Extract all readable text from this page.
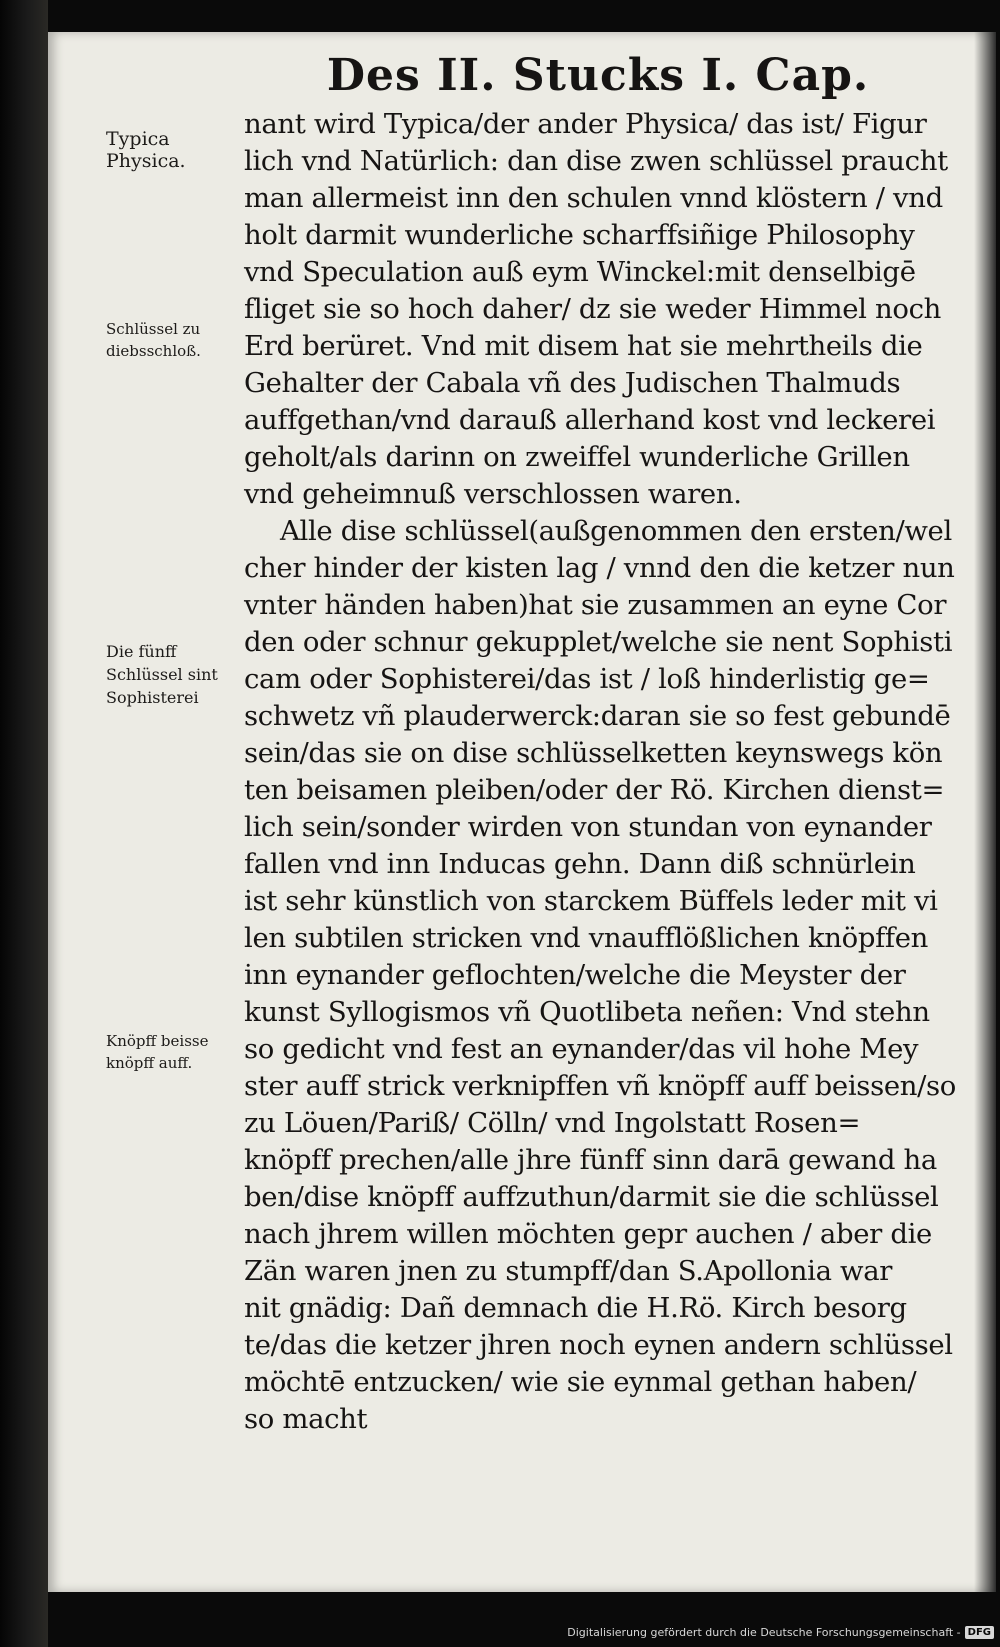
Des II. Stucks I. Cap.
Typica
Physica.
Schlüssel zu
diebsschloß.
Die fünff
Schlüssel sint
Sophisterei
Knöpff beisse
knöpff auff.
nant wird Typica/der ander Physica/ das ist/ Figur
lich vnd Natürlich: dan dise zwen schlüssel praucht
man allermeist inn den schulen vnnd klöstern / vnd
holt darmit wunderliche scharffsiñige Philosophy
vnd Speculation auß eym Winckel:mit denselbigē
fliget sie so hoch daher/ dz sie weder Himmel noch
Erd berüret. Vnd mit disem hat sie mehrtheils die
Gehalter der Cabala vñ des Judischen Thalmuds
auffgethan/vnd darauß allerhand kost vnd leckerei
geholt/als darinn on zweiffel wunderliche Grillen
vnd geheimnuß verschlossen waren.
Alle dise schlüssel(außgenommen den ersten/wel
cher hinder der kisten lag / vnnd den die ketzer nun
vnter händen haben)hat sie zusammen an eyne Cor
den oder schnur gekupplet/welche sie nent Sophisti
cam oder Sophisterei/das ist / loß hinderlistig ge=
schwetz vñ plauderwerck:daran sie so fest gebundē
sein/das sie on dise schlüsselketten keynswegs kön
ten beisamen pleiben/oder der Rö. Kirchen dienst=
lich sein/sonder wirden von stundan von eynander
fallen vnd inn Inducas gehn. Dann diß schnürlein
ist sehr künstlich von starckem Büffels leder mit vi
len subtilen stricken vnd vnaufflößlichen knöpffen
inn eynander geflochten/welche die Meyster der
kunst Syllogismos vñ Quotlibeta neñen: Vnd stehn
so gedicht vnd fest an eynander/das vil hohe Mey
ster auff strick verknipffen vñ knöpff auff beissen/so
zu Löuen/Pariß/ Cölln/ vnd Ingolstatt Rosen=
knöpff prechen/alle jhre fünff sinn darā gewand ha
ben/dise knöpff auffzuthun/darmit sie die schlüssel
nach jhrem willen möchten gepr auchen / aber die
Zän waren jnen zu stumpff/dan S.Apollonia war
nit gnädig: Dañ demnach die H.Rö. Kirch besorg
te/das die ketzer jhren noch eynen andern schlüssel
möchtē entzucken/ wie sie eynmal gethan haben/
so macht
Digitalisierung gefördert durch die Deutsche Forschungsgemeinschaft - DFG
